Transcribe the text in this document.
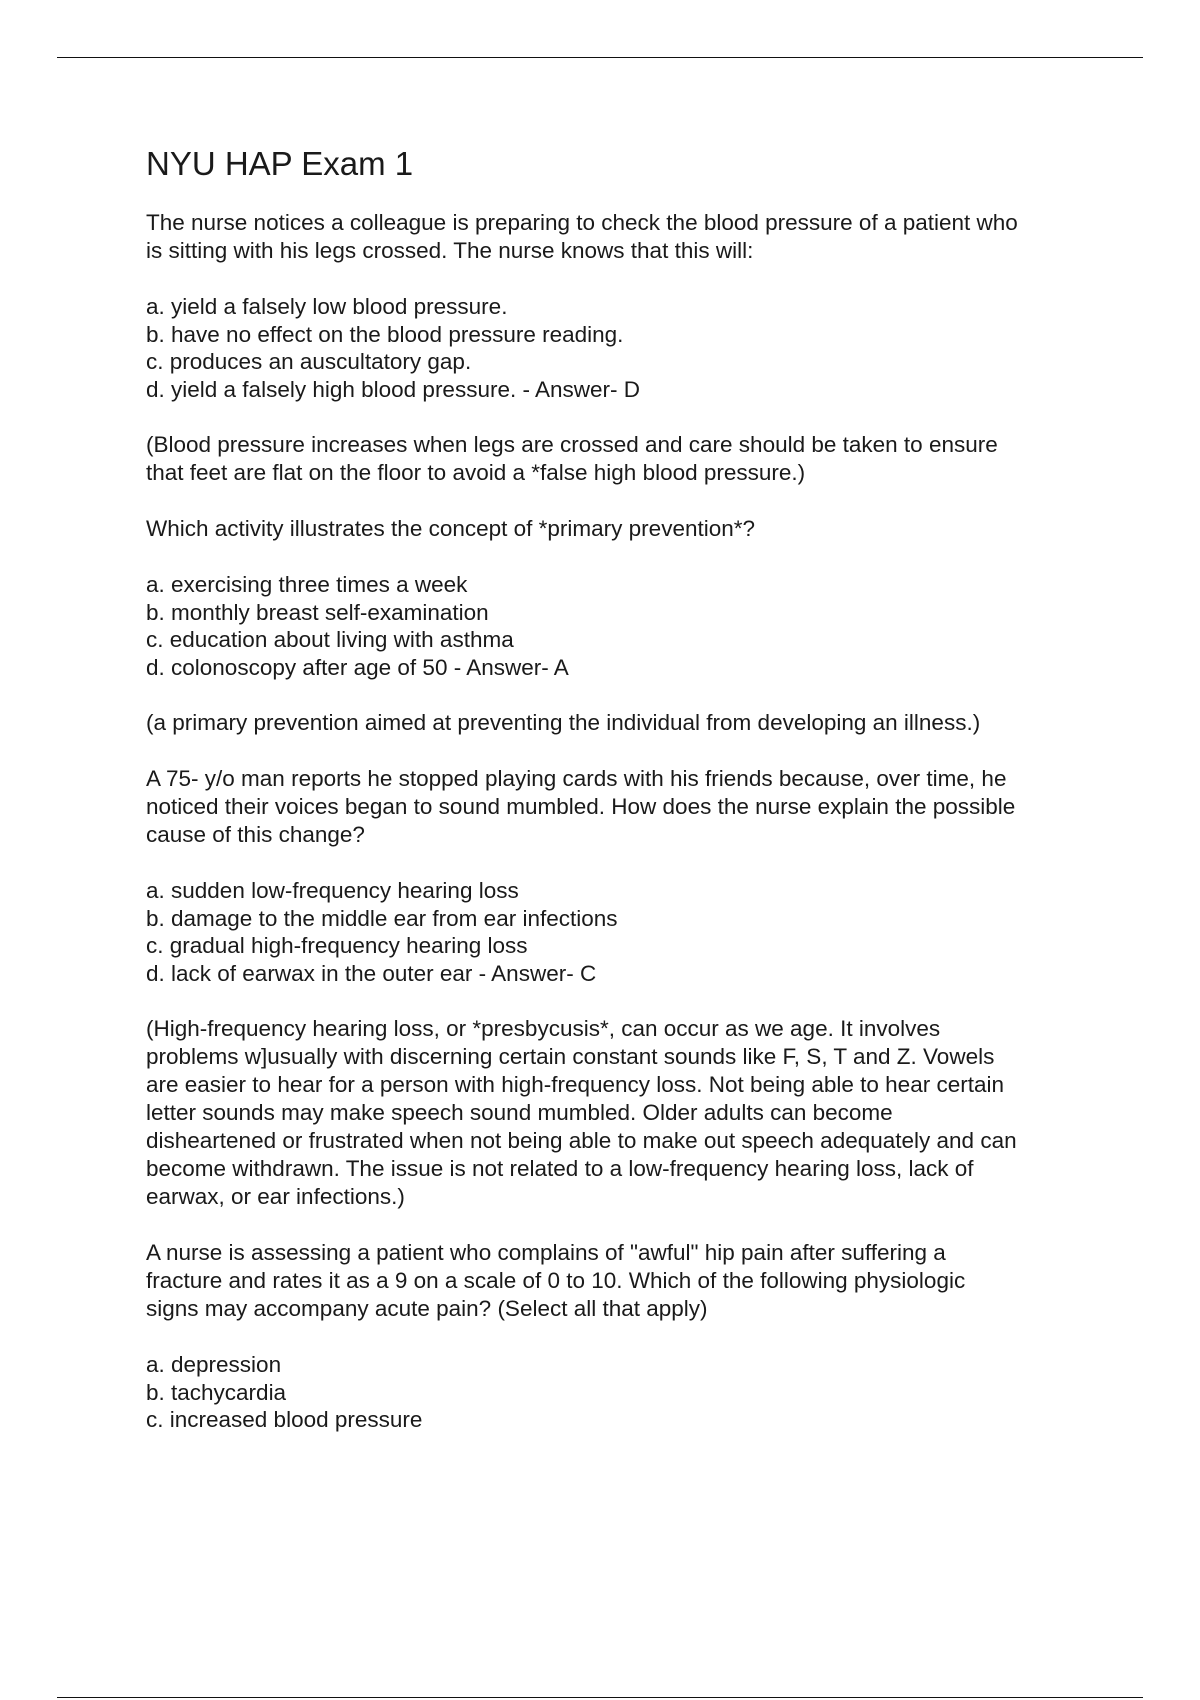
NYU HAP Exam 1
The nurse notices a colleague is preparing to check the blood pressure of a patient who
is sitting with his legs crossed. The nurse knows that this will:
a. yield a falsely low blood pressure.
b. have no effect on the blood pressure reading.
c. produces an auscultatory gap.
d. yield a falsely high blood pressure. - Answer- D
(Blood pressure increases when legs are crossed and care should be taken to ensure
that feet are flat on the floor to avoid a *false high blood pressure.)
Which activity illustrates the concept of *primary prevention*?
a. exercising three times a week
b. monthly breast self-examination
c. education about living with asthma
d. colonoscopy after age of 50 - Answer- A
(a primary prevention aimed at preventing the individual from developing an illness.)
A 75- y/o man reports he stopped playing cards with his friends because, over time, he
noticed their voices began to sound mumbled. How does the nurse explain the possible
cause of this change?
a. sudden low-frequency hearing loss
b. damage to the middle ear from ear infections
c. gradual high-frequency hearing loss
d. lack of earwax in the outer ear - Answer- C
(High-frequency hearing loss, or *presbycusis*, can occur as we age. It involves
problems w]usually with discerning certain constant sounds like F, S, T and Z. Vowels
are easier to hear for a person with high-frequency loss. Not being able to hear certain
letter sounds may make speech sound mumbled. Older adults can become
disheartened or frustrated when not being able to make out speech adequately and can
become withdrawn. The issue is not related to a low-frequency hearing loss, lack of
earwax, or ear infections.)
A nurse is assessing a patient who complains of "awful" hip pain after suffering a
fracture and rates it as a 9 on a scale of 0 to 10. Which of the following physiologic
signs may accompany acute pain? (Select all that apply)
a. depression
b. tachycardia
c. increased blood pressure
